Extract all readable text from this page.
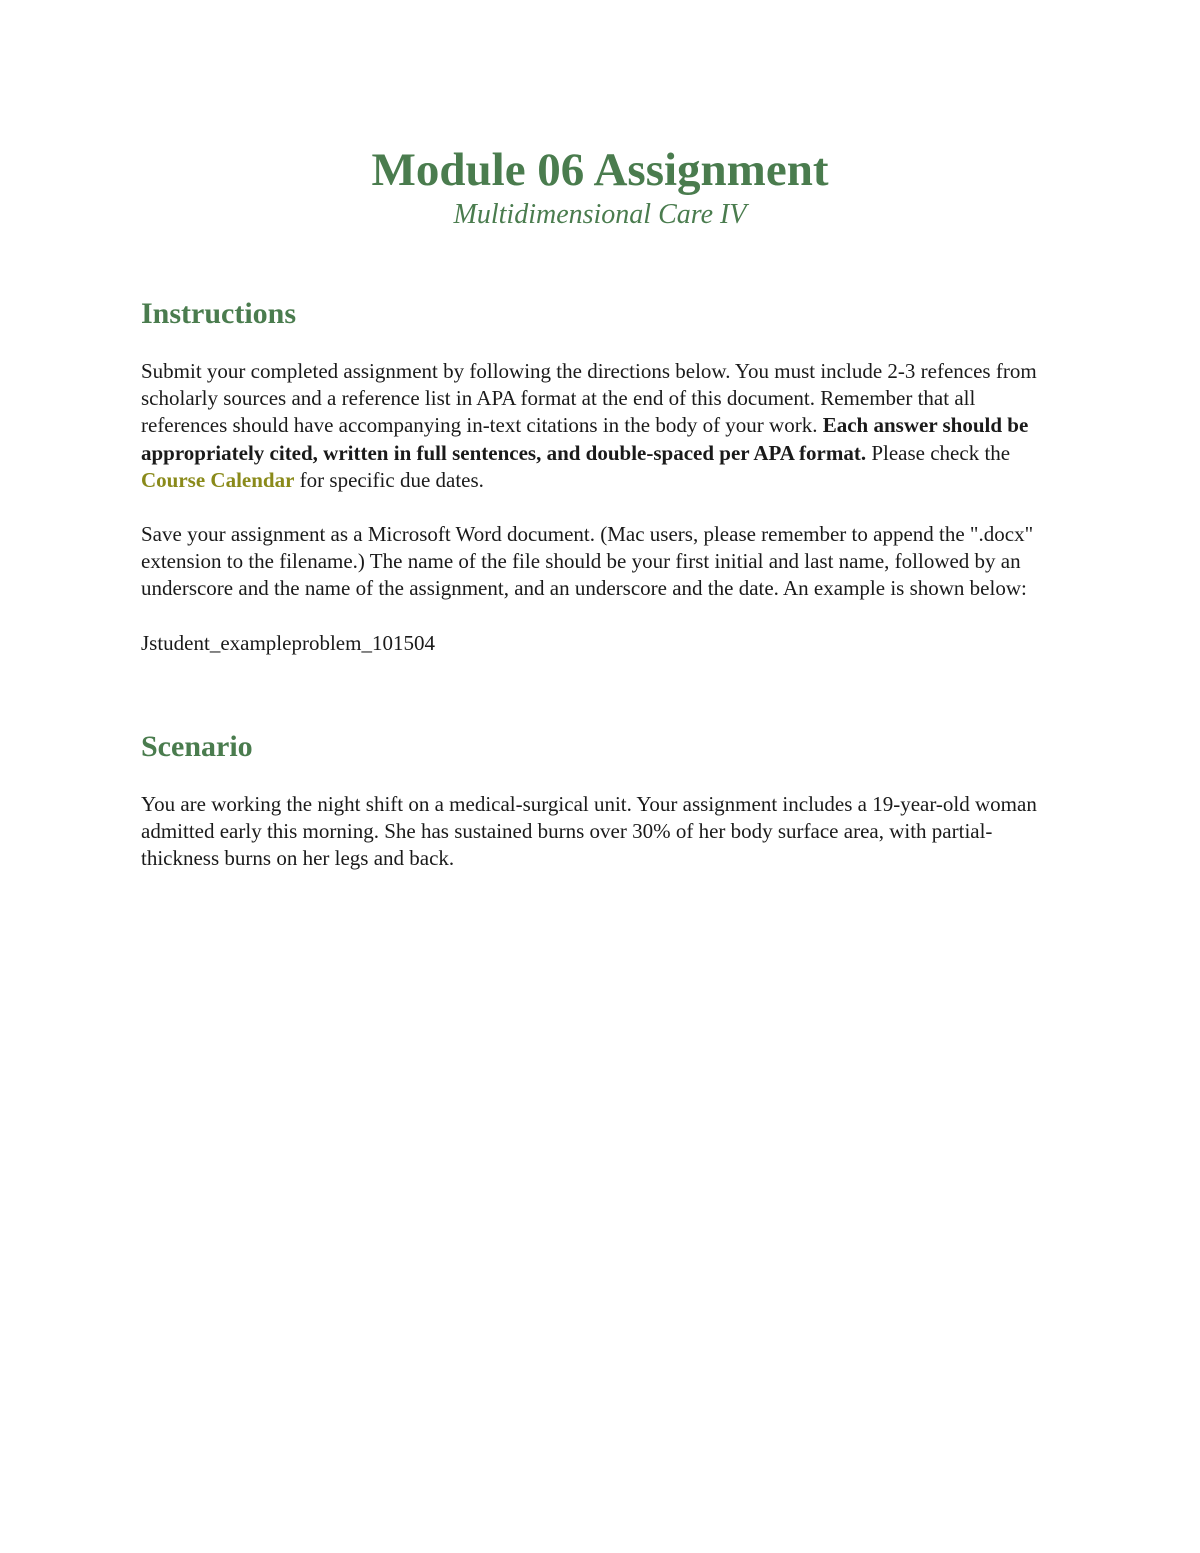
Module 06 Assignment

Multidimensional Care IV

Instructions

Submit your completed assignment by following the directions below. You must include 2-3 refences from scholarly sources and a reference list in APA format at the end of this document. Remember that all references should have accompanying in-text citations in the body of your work. Each answer should be appropriately cited, written in full sentences, and double-spaced per APA format. Please check the Course Calendar for specific due dates.

Save your assignment as a Microsoft Word document. (Mac users, please remember to append the ".docx" extension to the filename.) The name of the file should be your first initial and last name, followed by an underscore and the name of the assignment, and an underscore and the date. An example is shown below:

Jstudent_exampleproblem_101504

Scenario

You are working the night shift on a medical-surgical unit. Your assignment includes a 19-year-old woman admitted early this morning. She has sustained burns over 30% of her body surface area, with partial-thickness burns on her legs and back.
